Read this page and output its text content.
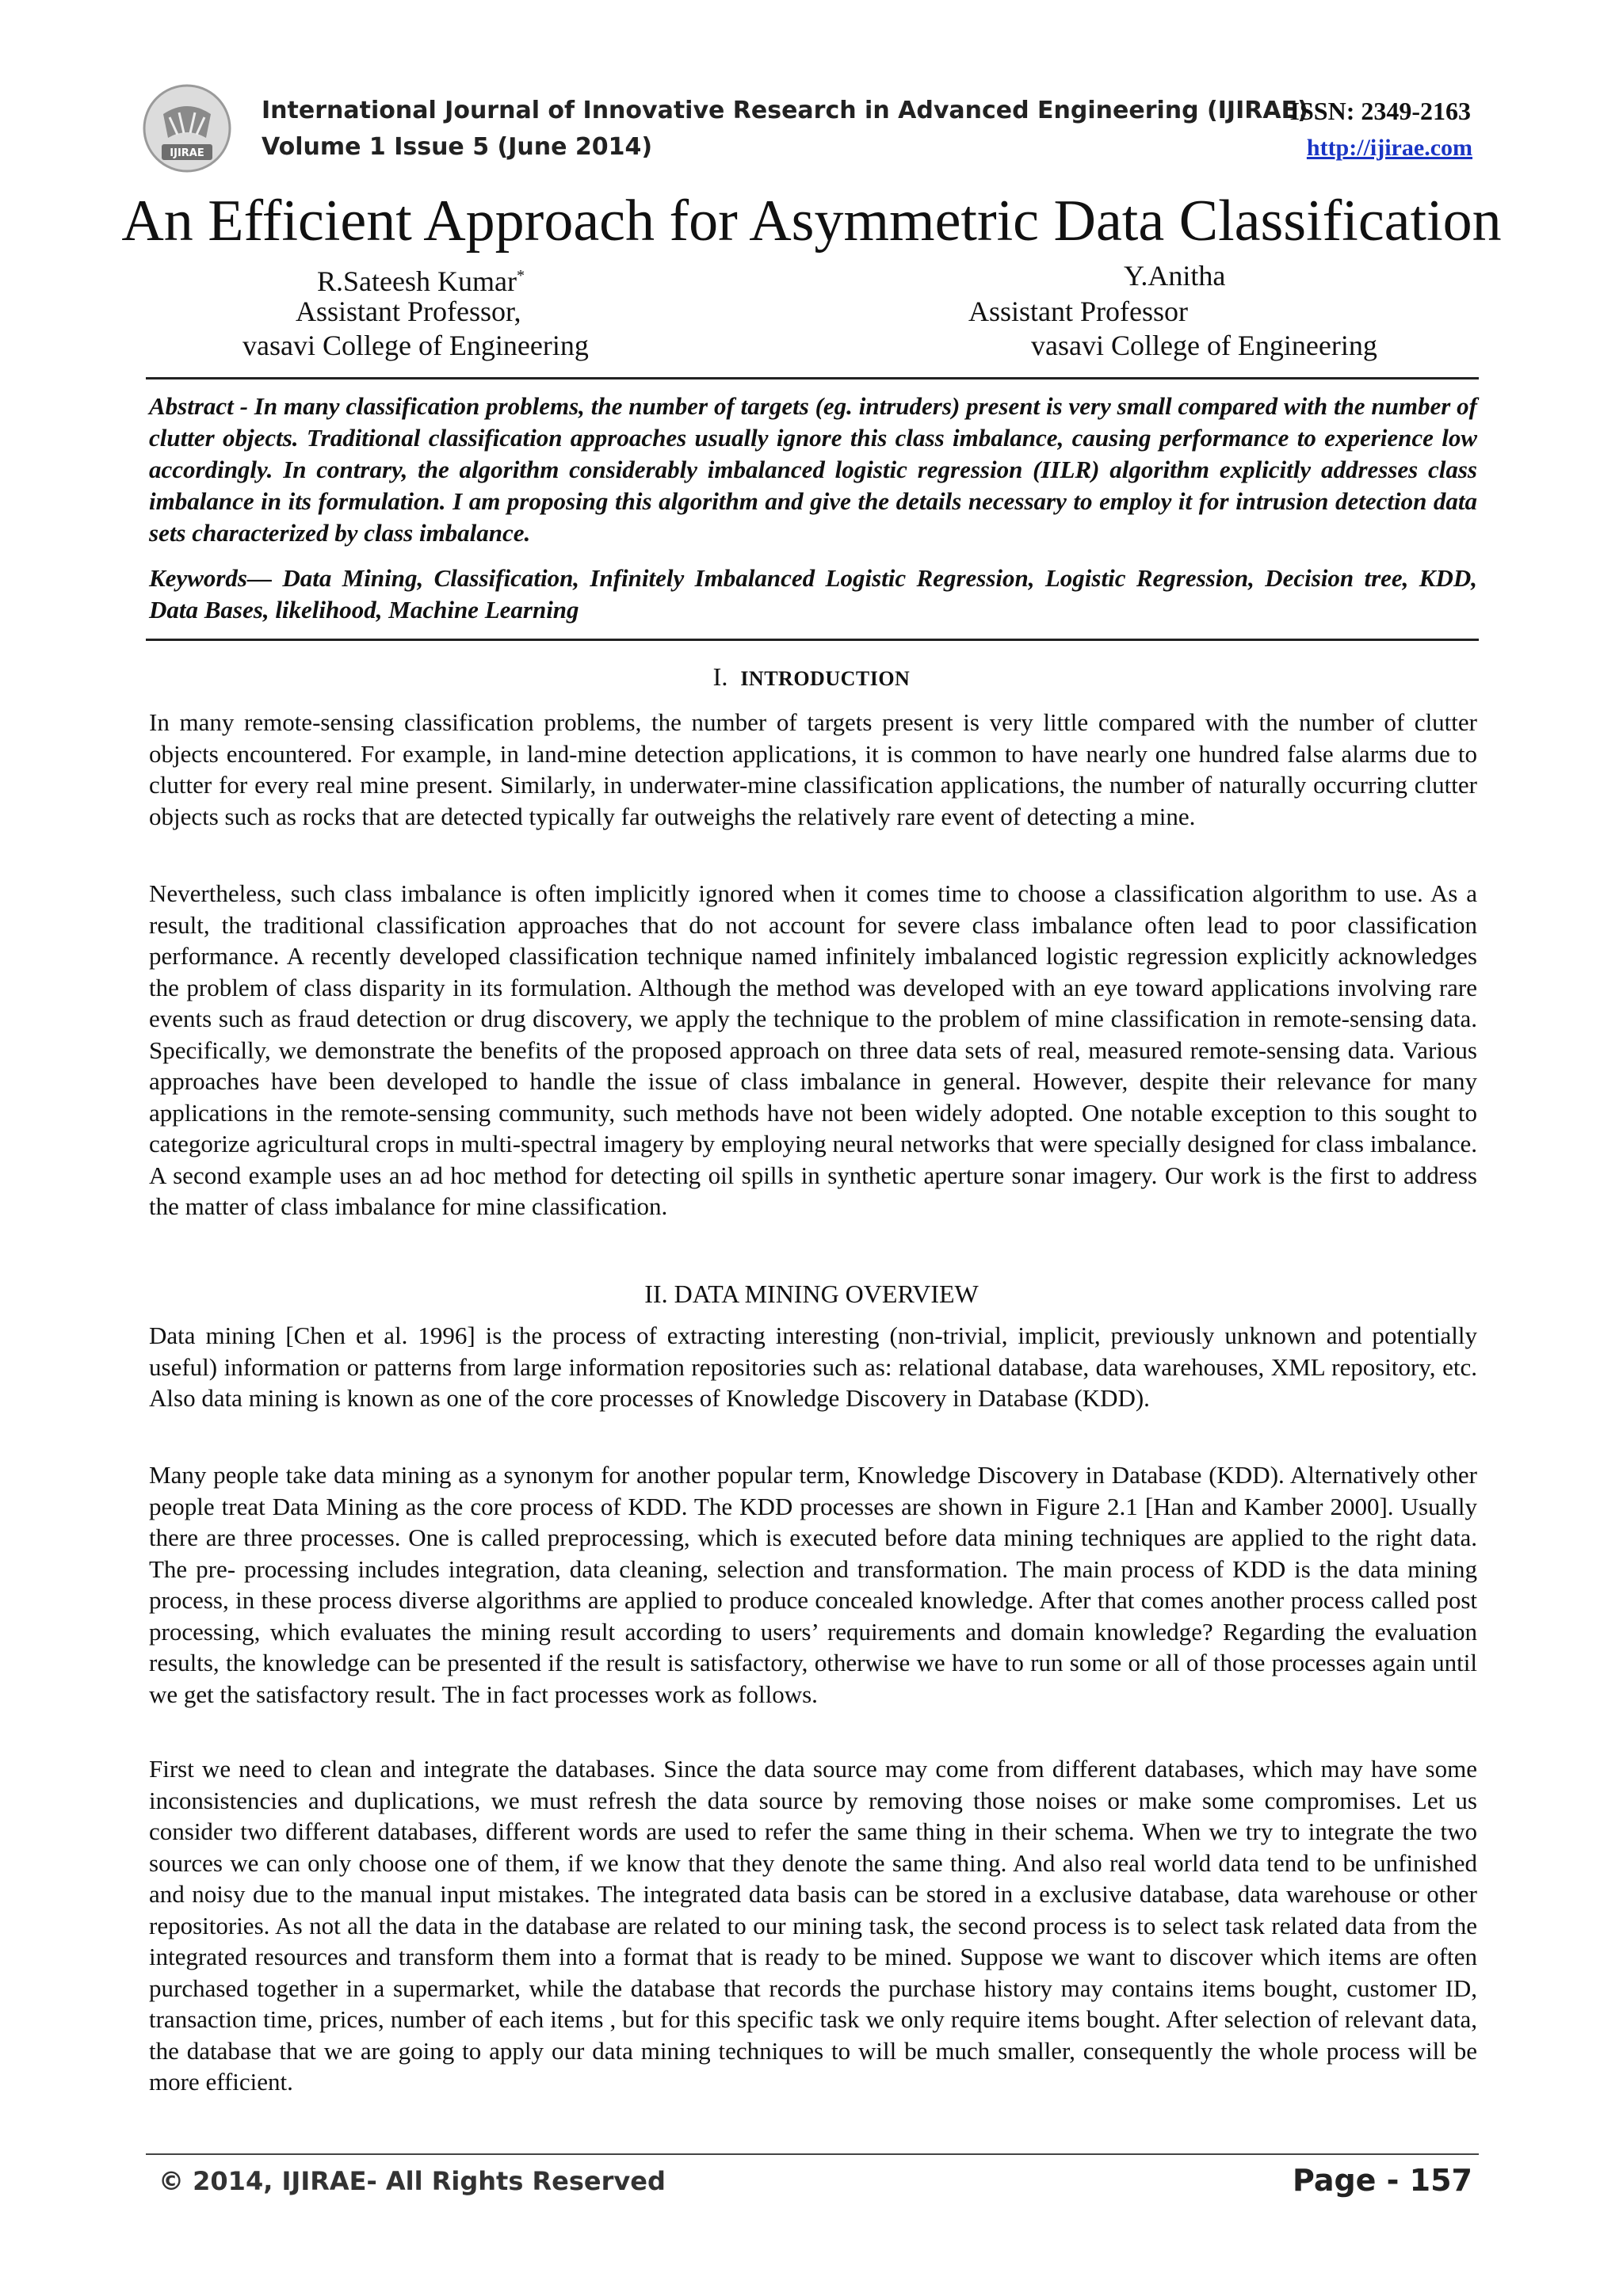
IJIRAE
International Journal of Innovative Research in Advanced Engineering (IJIRAE)
Volume 1 Issue 5 (June 2014)
ISSN: 2349-2163
http://ijirae.com
An Efficient Approach for Asymmetric Data Classification
R.Sateesh Kumar*
Assistant Professor,
vasavi College of Engineering
Y.Anitha
Assistant Professor
vasavi College of Engineering

Abstract - In many classification problems, the number of targets (eg. intruders) present is very small compared with the number of clutter objects. Traditional classification approaches usually ignore this class imbalance, causing performance to experience low accordingly. In contrary, the algorithm considerably imbalanced logistic regression (IILR) algorithm explicitly addresses class imbalance in its formulation. I am proposing this algorithm and give the details necessary to employ it for intrusion detection data sets characterized by class imbalance.

Keywords— Data Mining, Classification, Infinitely Imbalanced Logistic Regression, Logistic Regression, Decision tree, KDD, Data Bases, likelihood, Machine Learning

I. INTRODUCTION

In many remote-sensing classification problems, the number of targets present is very little compared with the number of clutter objects encountered. For example, in land-mine detection applications, it is common to have nearly one hundred false alarms due to clutter for every real mine present. Similarly, in underwater-mine classification applications, the number of naturally occurring clutter objects such as rocks that are detected typically far outweighs the relatively rare event of detecting a mine.

Nevertheless, such class imbalance is often implicitly ignored when it comes time to choose a classification algorithm to use. As a result, the traditional classification approaches that do not account for severe class imbalance often lead to poor classification performance. A recently developed classification technique named infinitely imbalanced logistic regression explicitly acknowledges the problem of class disparity in its formulation. Although the method was developed with an eye toward applications involving rare events such as fraud detection or drug discovery, we apply the technique to the problem of mine classification in remote-sensing data. Specifically, we demonstrate the benefits of the proposed approach on three data sets of real, measured remote-sensing data. Various approaches have been developed to handle the issue of class imbalance in general. However, despite their relevance for many applications in the remote-sensing community, such methods have not been widely adopted. One notable exception to this sought to categorize agricultural crops in multi-spectral imagery by employing neural networks that were specially designed for class imbalance. A second example uses an ad hoc method for detecting oil spills in synthetic aperture sonar imagery. Our work is the first to address the matter of class imbalance for mine classification.

II. DATA MINING OVERVIEW

Data mining [Chen et al. 1996] is the process of extracting interesting (non-trivial, implicit, previously unknown and potentially useful) information or patterns from large information repositories such as: relational database, data warehouses, XML repository, etc. Also data mining is known as one of the core processes of Knowledge Discovery in Database (KDD).

Many people take data mining as a synonym for another popular term, Knowledge Discovery in Database (KDD). Alternatively other people treat Data Mining as the core process of KDD. The KDD processes are shown in Figure 2.1 [Han and Kamber 2000]. Usually there are three processes. One is called preprocessing, which is executed before data mining techniques are applied to the right data. The pre- processing includes integration, data cleaning, selection and transformation. The main process of KDD is the data mining process, in these process diverse algorithms are applied to produce concealed knowledge. After that comes another process called post processing, which evaluates the mining result according to users’ requirements and domain knowledge? Regarding the evaluation results, the knowledge can be presented if the result is satisfactory, otherwise we have to run some or all of those processes again until we get the satisfactory result. The in fact processes work as follows.

First we need to clean and integrate the databases. Since the data source may come from different databases, which may have some inconsistencies and duplications, we must refresh the data source by removing those noises or make some compromises. Let us consider two different databases, different words are used to refer the same thing in their schema. When we try to integrate the two sources we can only choose one of them, if we know that they denote the same thing. And also real world data tend to be unfinished and noisy due to the manual input mistakes. The integrated data basis can be stored in a exclusive database, data warehouse or other repositories. As not all the data in the database are related to our mining task, the second process is to select task related data from the integrated resources and transform them into a format that is ready to be mined. Suppose we want to discover which items are often purchased together in a supermarket, while the database that records the purchase history may contains items bought, customer ID, transaction time, prices, number of each items , but for this specific task we only require items bought. After selection of relevant data, the database that we are going to apply our data mining techniques to will be much smaller, consequently the whole process will be more efficient.

© 2014, IJIRAE- All Rights Reserved	Page - 157
